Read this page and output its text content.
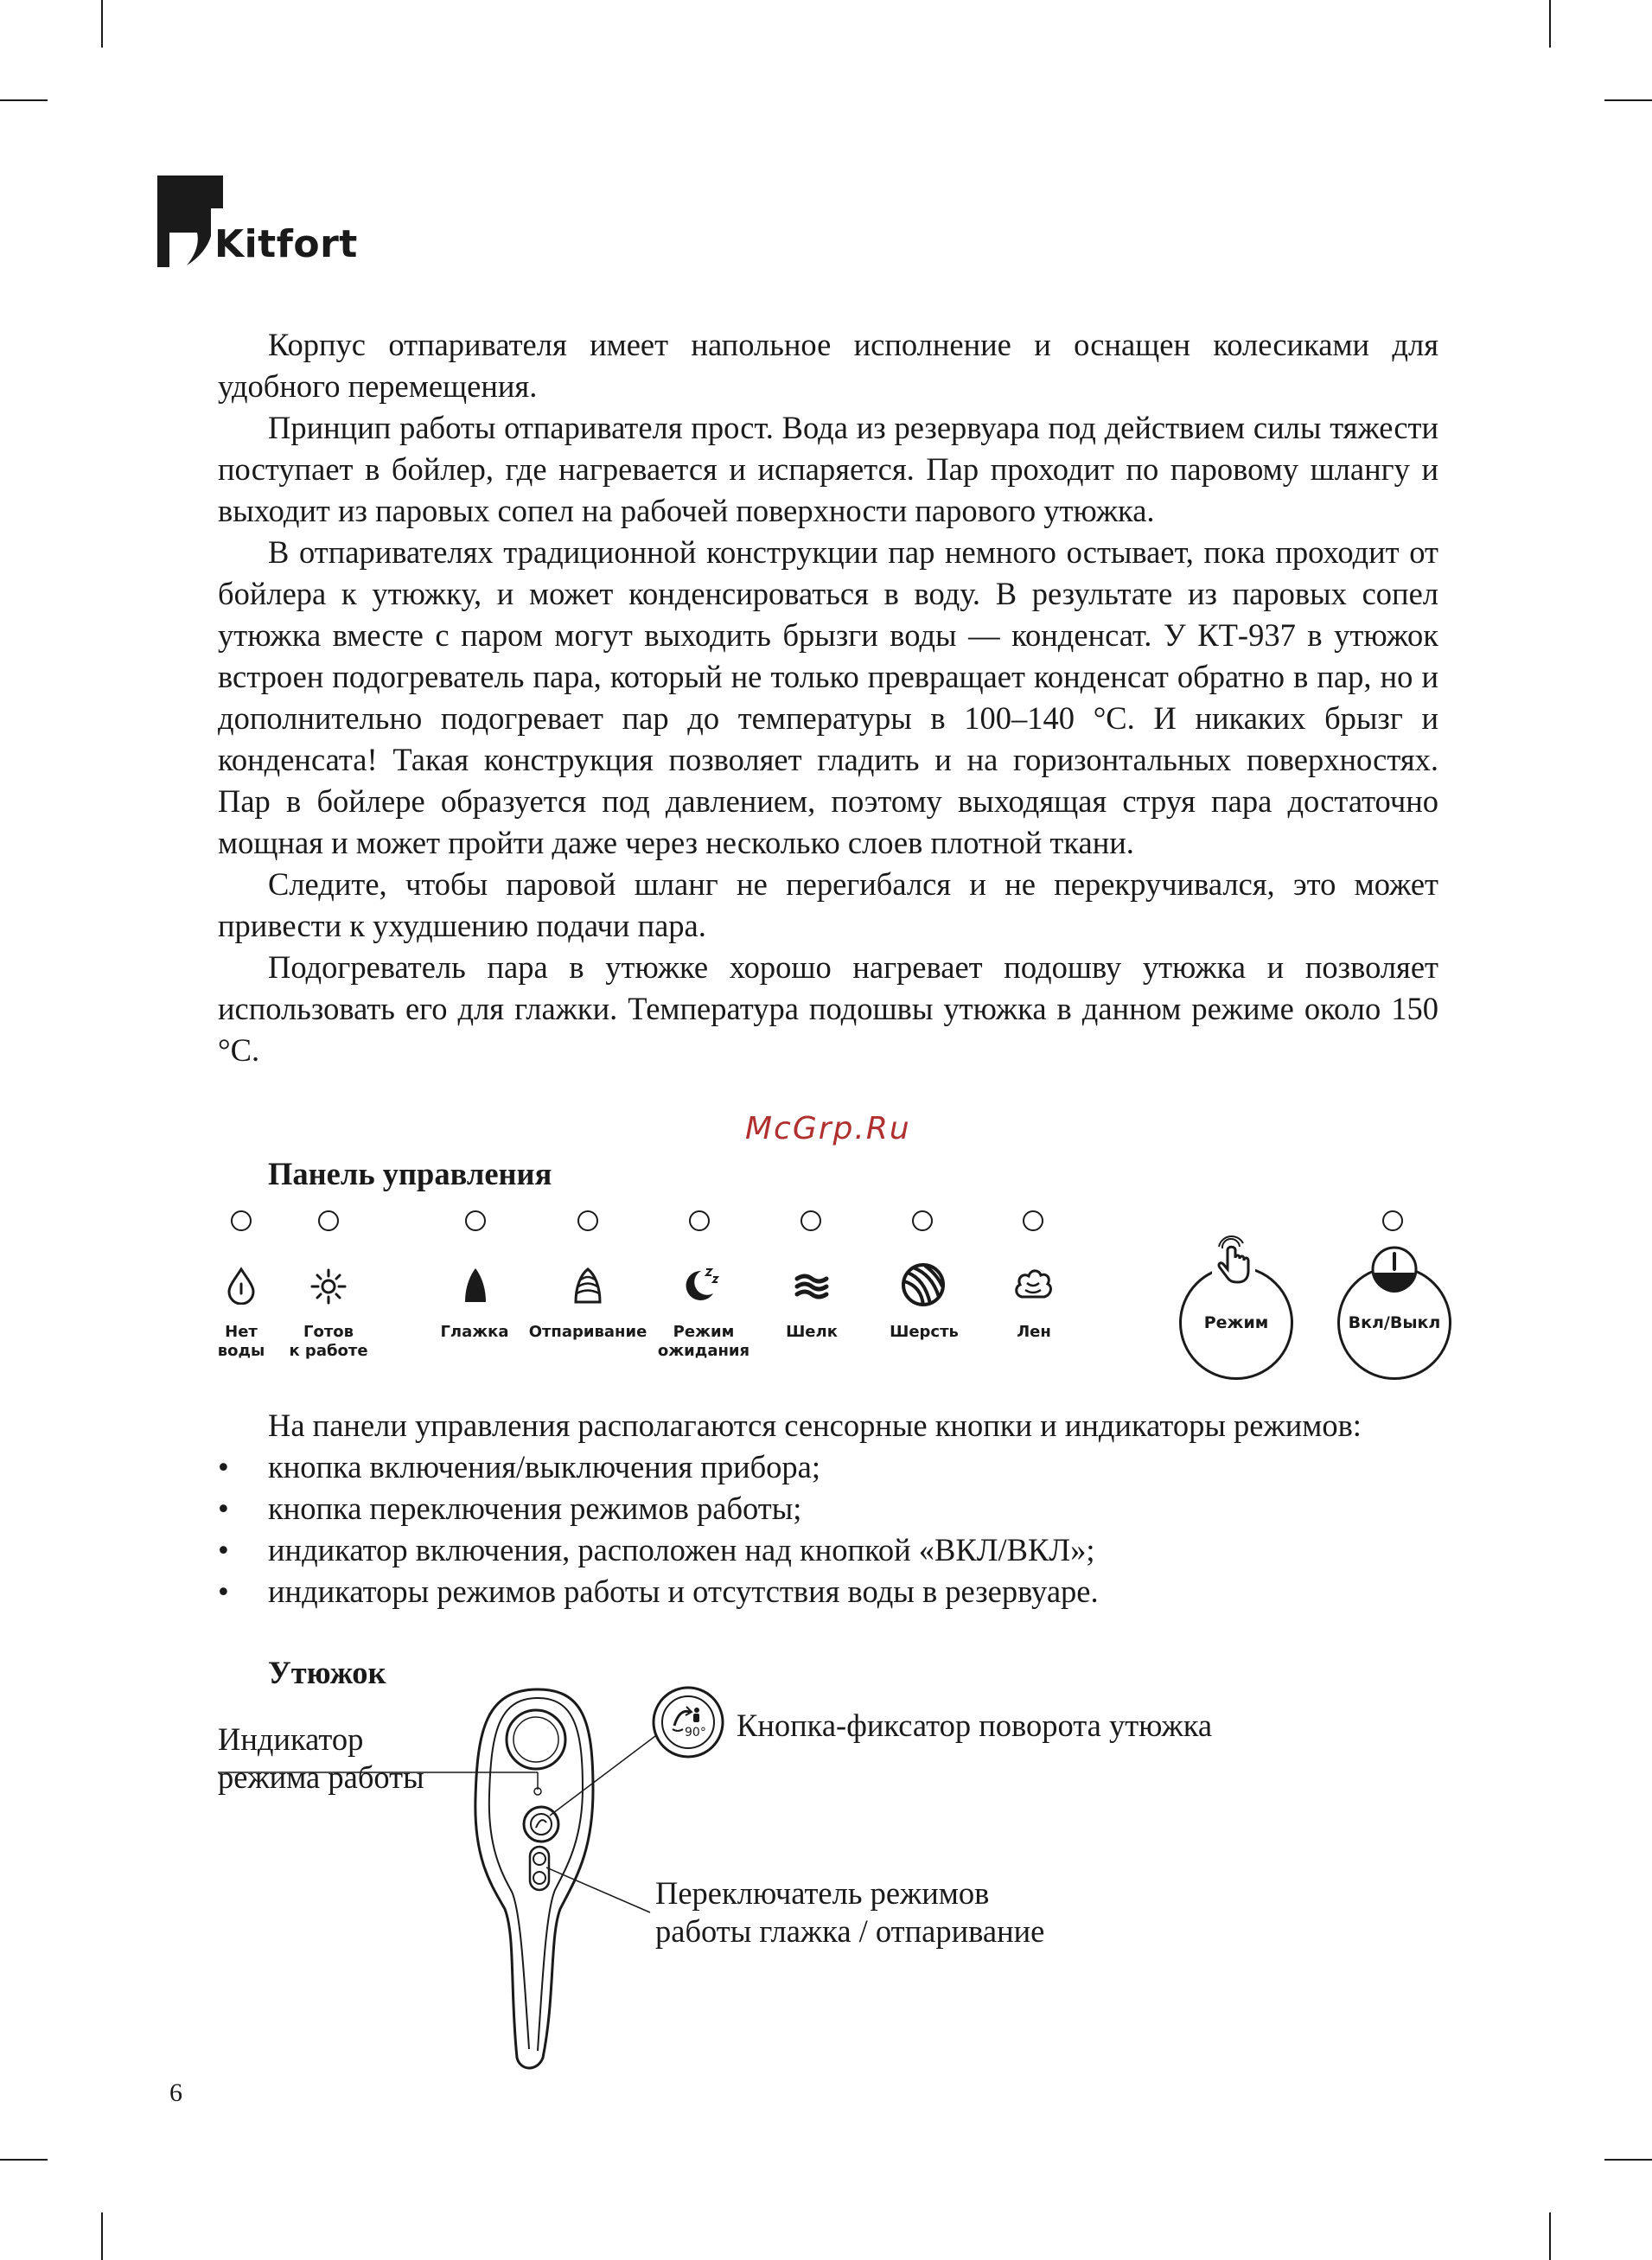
Kitfort

Корпус отпаривателя имеет напольное исполнение и оснащен колесиками для удобного перемещения.

Принцип работы отпаривателя прост. Вода из резервуара под действием силы тяжести поступает в бойлер, где нагревается и испаряется. Пар проходит по паровому шлангу и выходит из паровых сопел на рабочей поверхности парового утюжка.

В отпаривателях традиционной конструкции пар немного остывает, пока проходит от бойлера к утюжку, и может конденсироваться в воду. В результате из паровых сопел утюжка вместе с паром могут выходить брызги воды — конденсат. У КТ-937 в утюжок встроен подогреватель пара, который не только превращает конденсат обратно в пар, но и дополнительно подогревает пар до температуры в 100–140 °С. И никаких брызг и конденсата! Такая конструкция позволяет гладить и на горизонтальных поверхностях. Пар в бойлере образуется под давлением, поэтому выходящая струя пара достаточно мощная и может пройти даже через несколько слоев плотной ткани.

Следите, чтобы паровой шланг не перегибался и не перекручивался, это может привести к ухудшению подачи пара.

Подогреватель пара в утюжке хорошо нагревает подошву утюжка и позволяет использовать его для глажки. Температура подошвы утюжка в данном режиме около 150 °С.

McGrp.Ru
Панель управления
Нет
воды
Готов
к работе
Глажка	Отпаривание	Режим
ожидания
Шелк	Шерсть	Лен	Режим	Вкл/Выкл

На панели управления располагаются сенсорные кнопки и индикаторы режимов:

• кнопка включения/выключения прибора;
• кнопка переключения режимов работы;
• индикатор включения, расположен над кнопкой «ВКЛ/ВКЛ»;
• индикаторы режимов работы и отсутствия воды в резервуаре.
Утюжок
Индикатор
режима работы
Кнопка-фиксатор поворота утюжка
Переключатель режимов
работы глажка / отпаривание
90°
6
